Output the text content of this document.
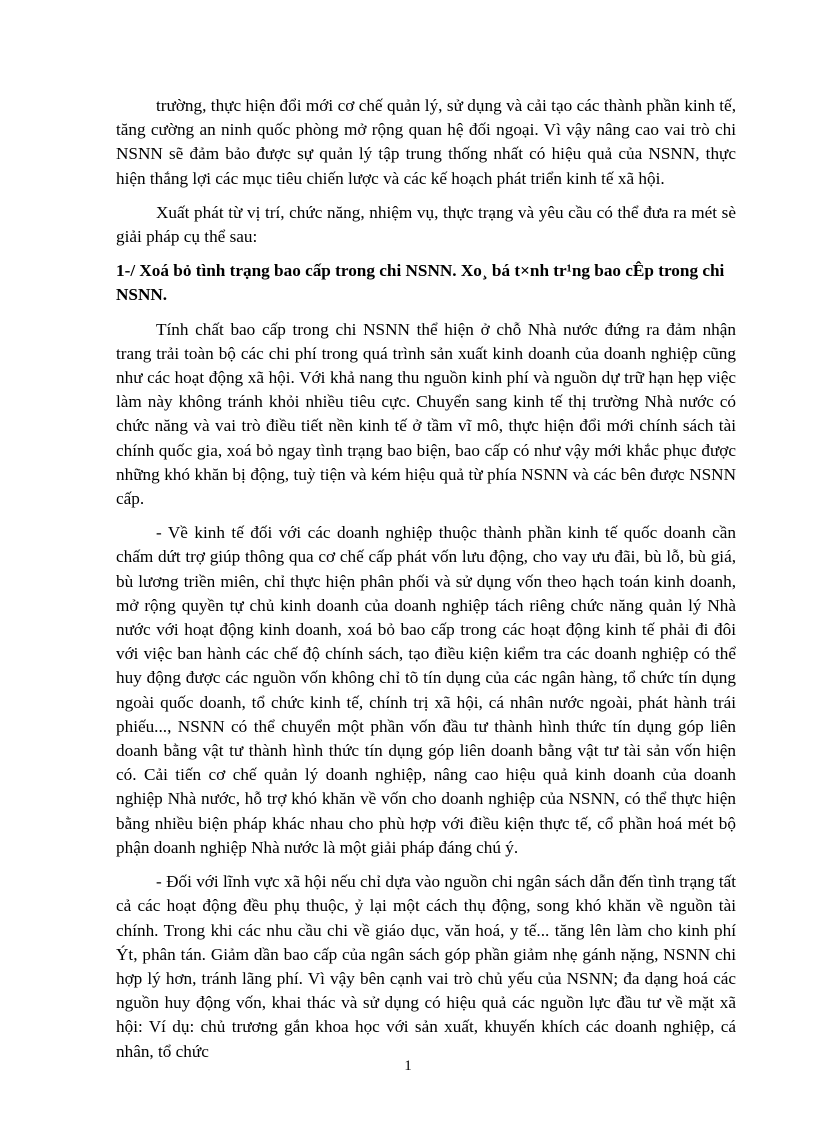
trường, thực hiện đổi mới cơ chế quản lý, sử dụng và cải tạo các thành phần kinh tế, tăng cường an ninh quốc phòng mở rộng quan hệ đối ngoại. Vì vậy nâng cao vai trò chi NSNN sẽ đảm bảo được sự quản lý tập trung thống nhất có hiệu quả của NSNN, thực hiện thắng lợi các mục tiêu chiến lược và các kế hoạch phát triển kinh tế xã hội.

Xuất phát từ vị trí, chức năng, nhiệm vụ, thực trạng và yêu cầu có thể đưa ra mét sè giải pháp cụ thể sau:

1-/ Xoá bỏ tình trạng bao cấp trong chi NSNN. Xo¸ bá t×nh tr¹ng bao cÊp trong chi NSNN.

Tính chất bao cấp trong chi NSNN thể hiện ở chỗ Nhà nước đứng ra đảm nhận trang trải toàn bộ các chi phí trong quá trình sản xuất kinh doanh của doanh nghiệp cũng như các hoạt động xã hội. Với khả nang thu nguồn kinh phí và nguồn dự trữ hạn hẹp việc làm này không tránh khỏi nhiều tiêu cực. Chuyển sang kinh tế thị trường Nhà nước có chức năng và vai trò điều tiết nền kinh tế ở tầm vĩ mô, thực hiện đổi mới chính sách tài chính quốc gia, xoá bỏ ngay tình trạng bao biện, bao cấp có như vậy mới khắc phục được những khó khăn bị động, tuỳ tiện và kém hiệu quả từ phía NSNN và các bên được NSNN cấp.

- Về kinh tế đối với các doanh nghiệp thuộc thành phần kinh tế quốc doanh cần chấm dứt trợ giúp thông qua cơ chế cấp phát vốn lưu động, cho vay ưu đãi, bù lỗ, bù giá, bù lương triền miên, chỉ thực hiện phân phối và sử dụng vốn theo hạch toán kinh doanh, mở rộng quyền tự chủ kinh doanh của doanh nghiệp tách riêng chức năng quản lý Nhà nước với hoạt động kinh doanh, xoá bỏ bao cấp trong các hoạt động kinh tế phải đi đôi với việc ban hành các chế độ chính sách, tạo điều kiện kiểm tra các doanh nghiệp có thể huy động được các nguồn vốn không chỉ tõ tín dụng của các ngân hàng, tổ chức tín dụng ngoài quốc doanh, tổ chức kinh tế, chính trị xã hội, cá nhân nước ngoài, phát hành trái phiếu..., NSNN có thể chuyển một phần vốn đầu tư thành hình thức tín dụng góp liên doanh bằng vật tư thành hình thức tín dụng góp liên doanh bằng vật tư tài sản vốn hiện có. Cải tiến cơ chế quản lý doanh nghiệp, nâng cao hiệu quả kinh doanh của doanh nghiệp Nhà nước, hỗ trợ khó khăn về vốn cho doanh nghiệp của NSNN, có thể thực hiện bằng nhiều biện pháp khác nhau cho phù hợp với điều kiện thực tế, cổ phần hoá mét bộ phận doanh nghiệp Nhà nước là một giải pháp đáng chú ý.

- Đối với lĩnh vực xã hội nếu chỉ dựa vào nguồn chi ngân sách dẫn đến tình trạng tất cả các hoạt động đều phụ thuộc, ỷ lại một cách thụ động, song khó khăn về nguồn tài chính. Trong khi các nhu cầu chi về giáo dục, văn hoá, y tế... tăng lên làm cho kinh phí Ýt, phân tán. Giảm dần bao cấp của ngân sách góp phần giảm nhẹ gánh nặng, NSNN chi hợp lý hơn, tránh lãng phí. Vì vậy bên cạnh vai trò chủ yếu của NSNN; đa dạng hoá các nguồn huy động vốn, khai thác và sử dụng có hiệu quả các nguồn lực đầu tư về mặt xã hội: Ví dụ: chủ trương gắn khoa học với sản xuất, khuyến khích các doanh nghiệp, cá nhân, tổ chức

1
